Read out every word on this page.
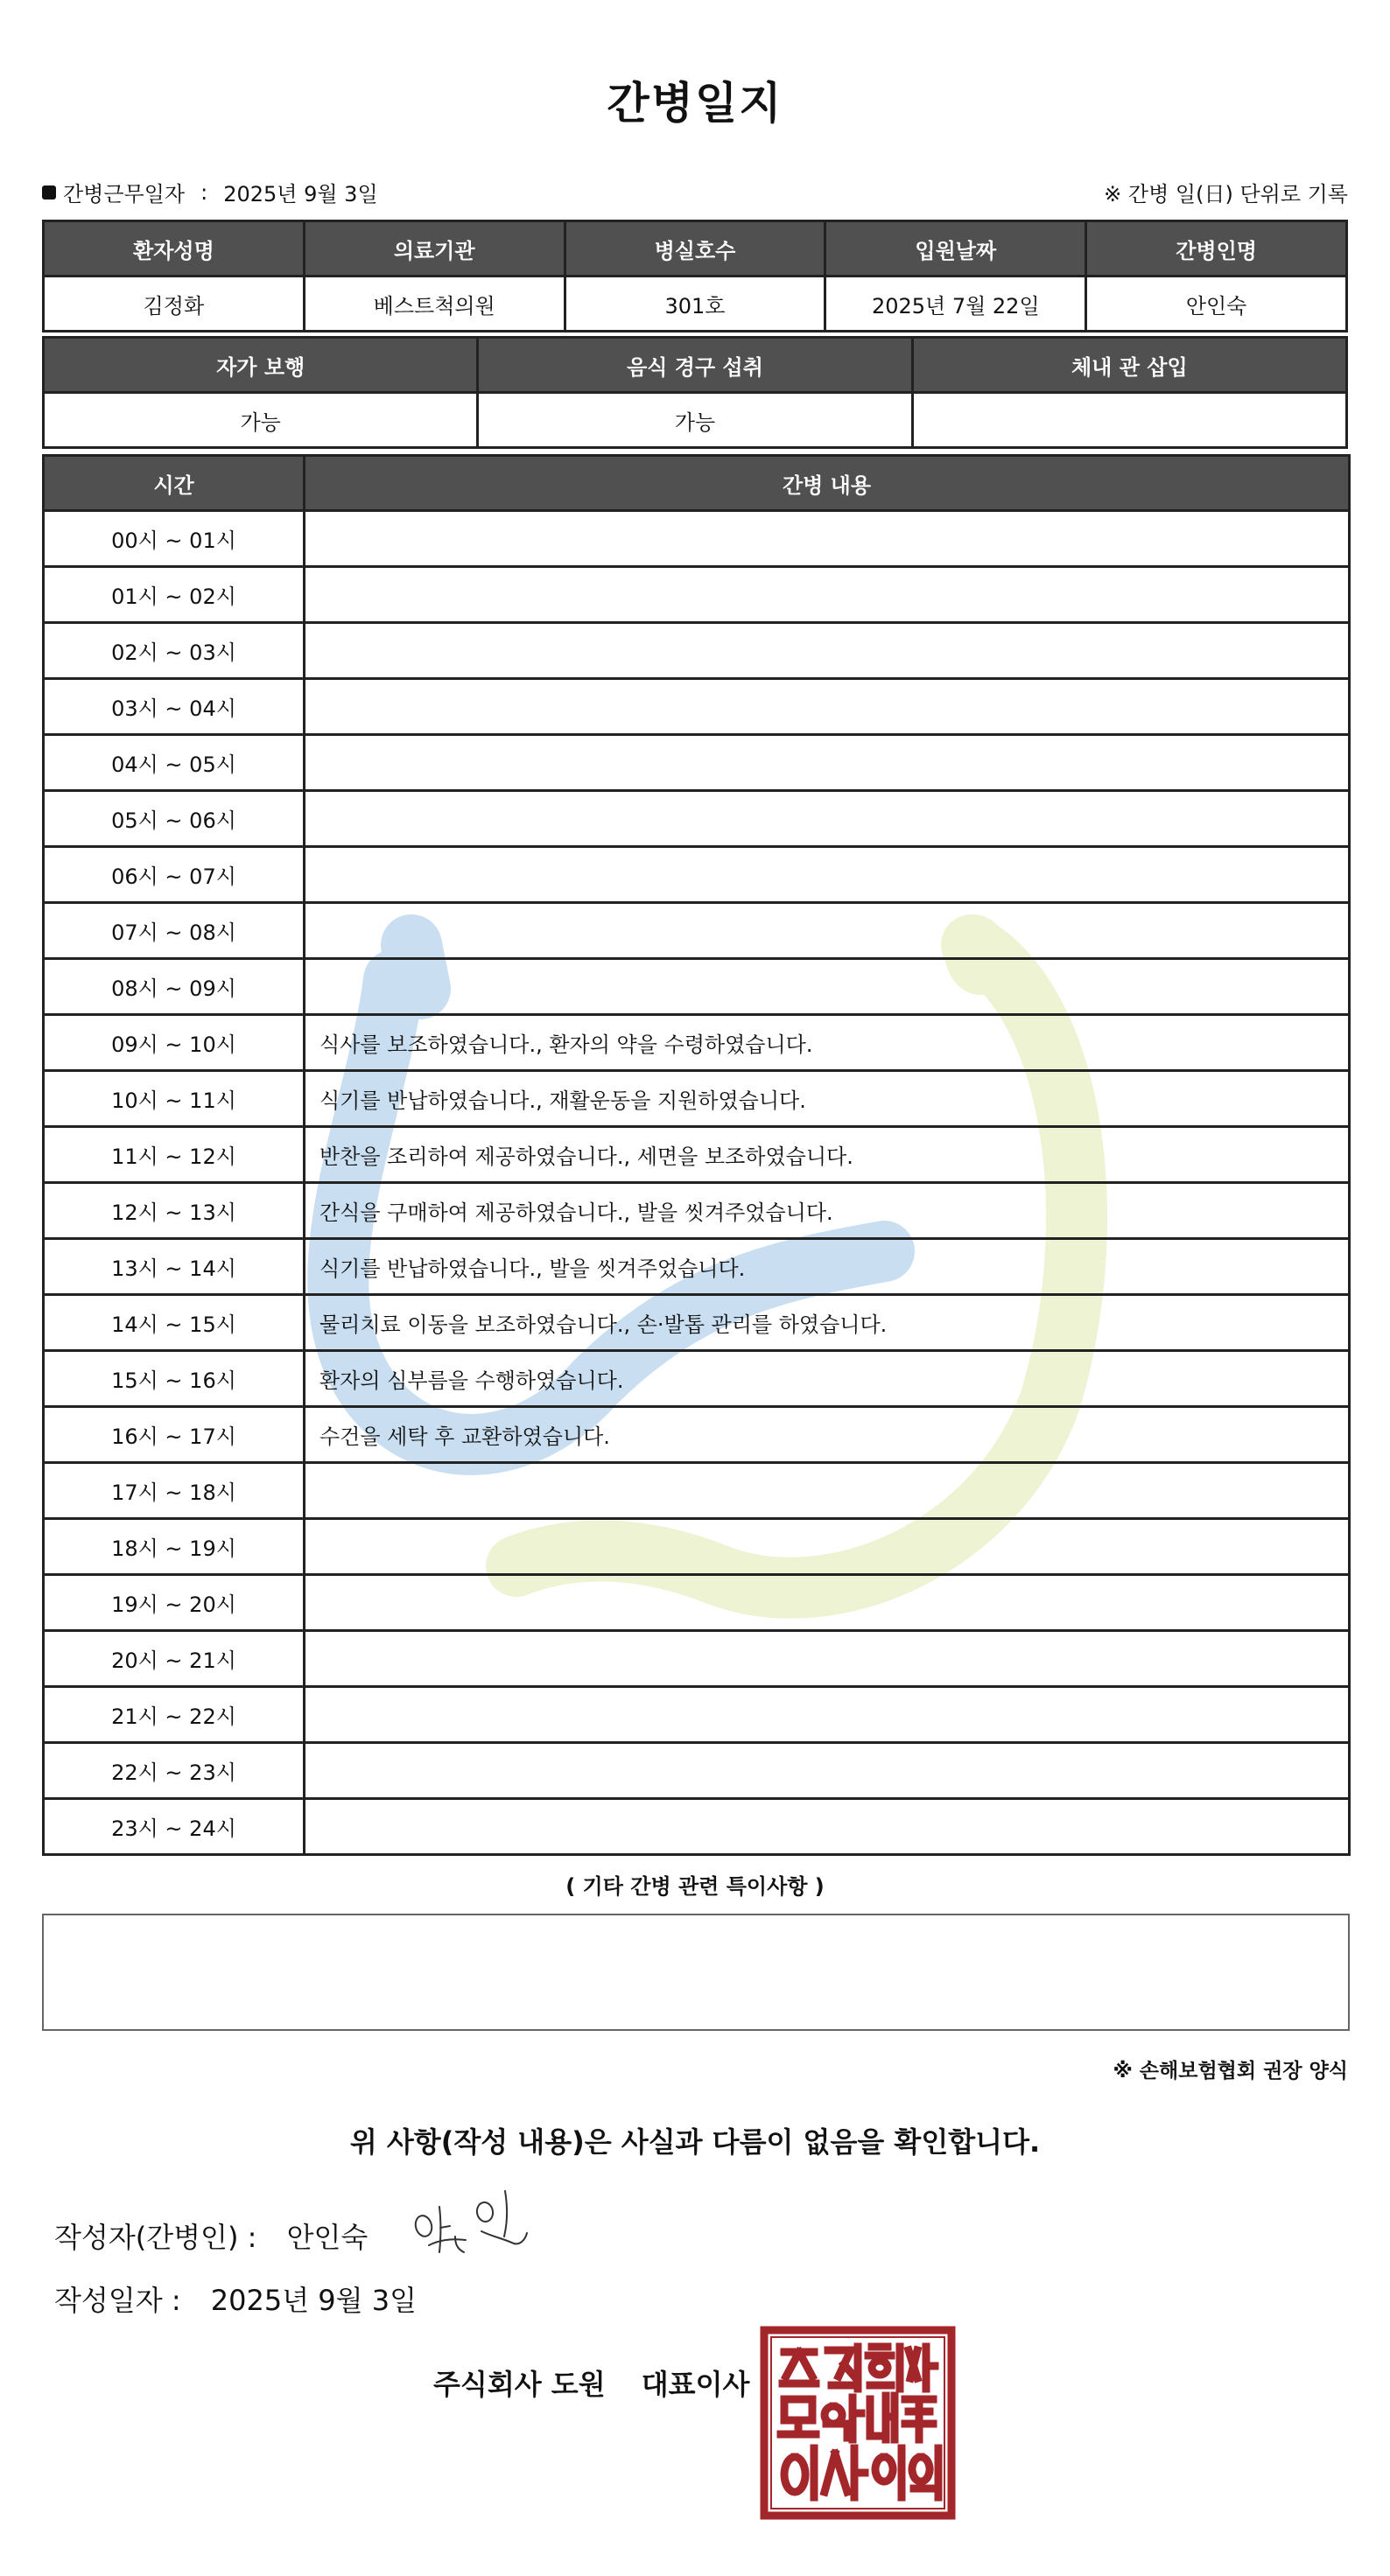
간병일지
간병근무일자 : 2025년 9월 3일	※ 간병 일(日) 단위로 기록
환자성명	의료기관	병실호수	입원날짜	간병인명
김정화	베스트척의원	301호	2025년 7월 22일	안인숙
자가 보행	음식 경구 섭취	체내 관 삽입
가능	가능	
시간	간병 내용
00시 ~ 01시	
01시 ~ 02시	
02시 ~ 03시	
03시 ~ 04시	
04시 ~ 05시	
05시 ~ 06시	
06시 ~ 07시	
07시 ~ 08시	
08시 ~ 09시	
09시 ~ 10시	식사를 보조하였습니다., 환자의 약을 수령하였습니다.
10시 ~ 11시	식기를 반납하였습니다., 재활운동을 지원하였습니다.
11시 ~ 12시	반찬을 조리하여 제공하였습니다., 세면을 보조하였습니다.
12시 ~ 13시	간식을 구매하여 제공하였습니다., 발을 씻겨주었습니다.
13시 ~ 14시	식기를 반납하였습니다., 발을 씻겨주었습니다.
14시 ~ 15시	물리치료 이동을 보조하였습니다., 손·발톱 관리를 하였습니다.
15시 ~ 16시	환자의 심부름을 수행하였습니다.
16시 ~ 17시	수건을 세탁 후 교환하였습니다.
17시 ~ 18시	
18시 ~ 19시	
19시 ~ 20시	
20시 ~ 21시	
21시 ~ 22시	
22시 ~ 23시	
23시 ~ 24시	
( 기타 간병 관련 특이사항 )
※ 손해보험협회 권장 양식
위 사항(작성 내용)은 사실과 다름이 없음을 확인합니다.
작성자(간병인) : 안인숙
작성일자 : 2025년 9월 3일
주식회사 도원 대표이사
